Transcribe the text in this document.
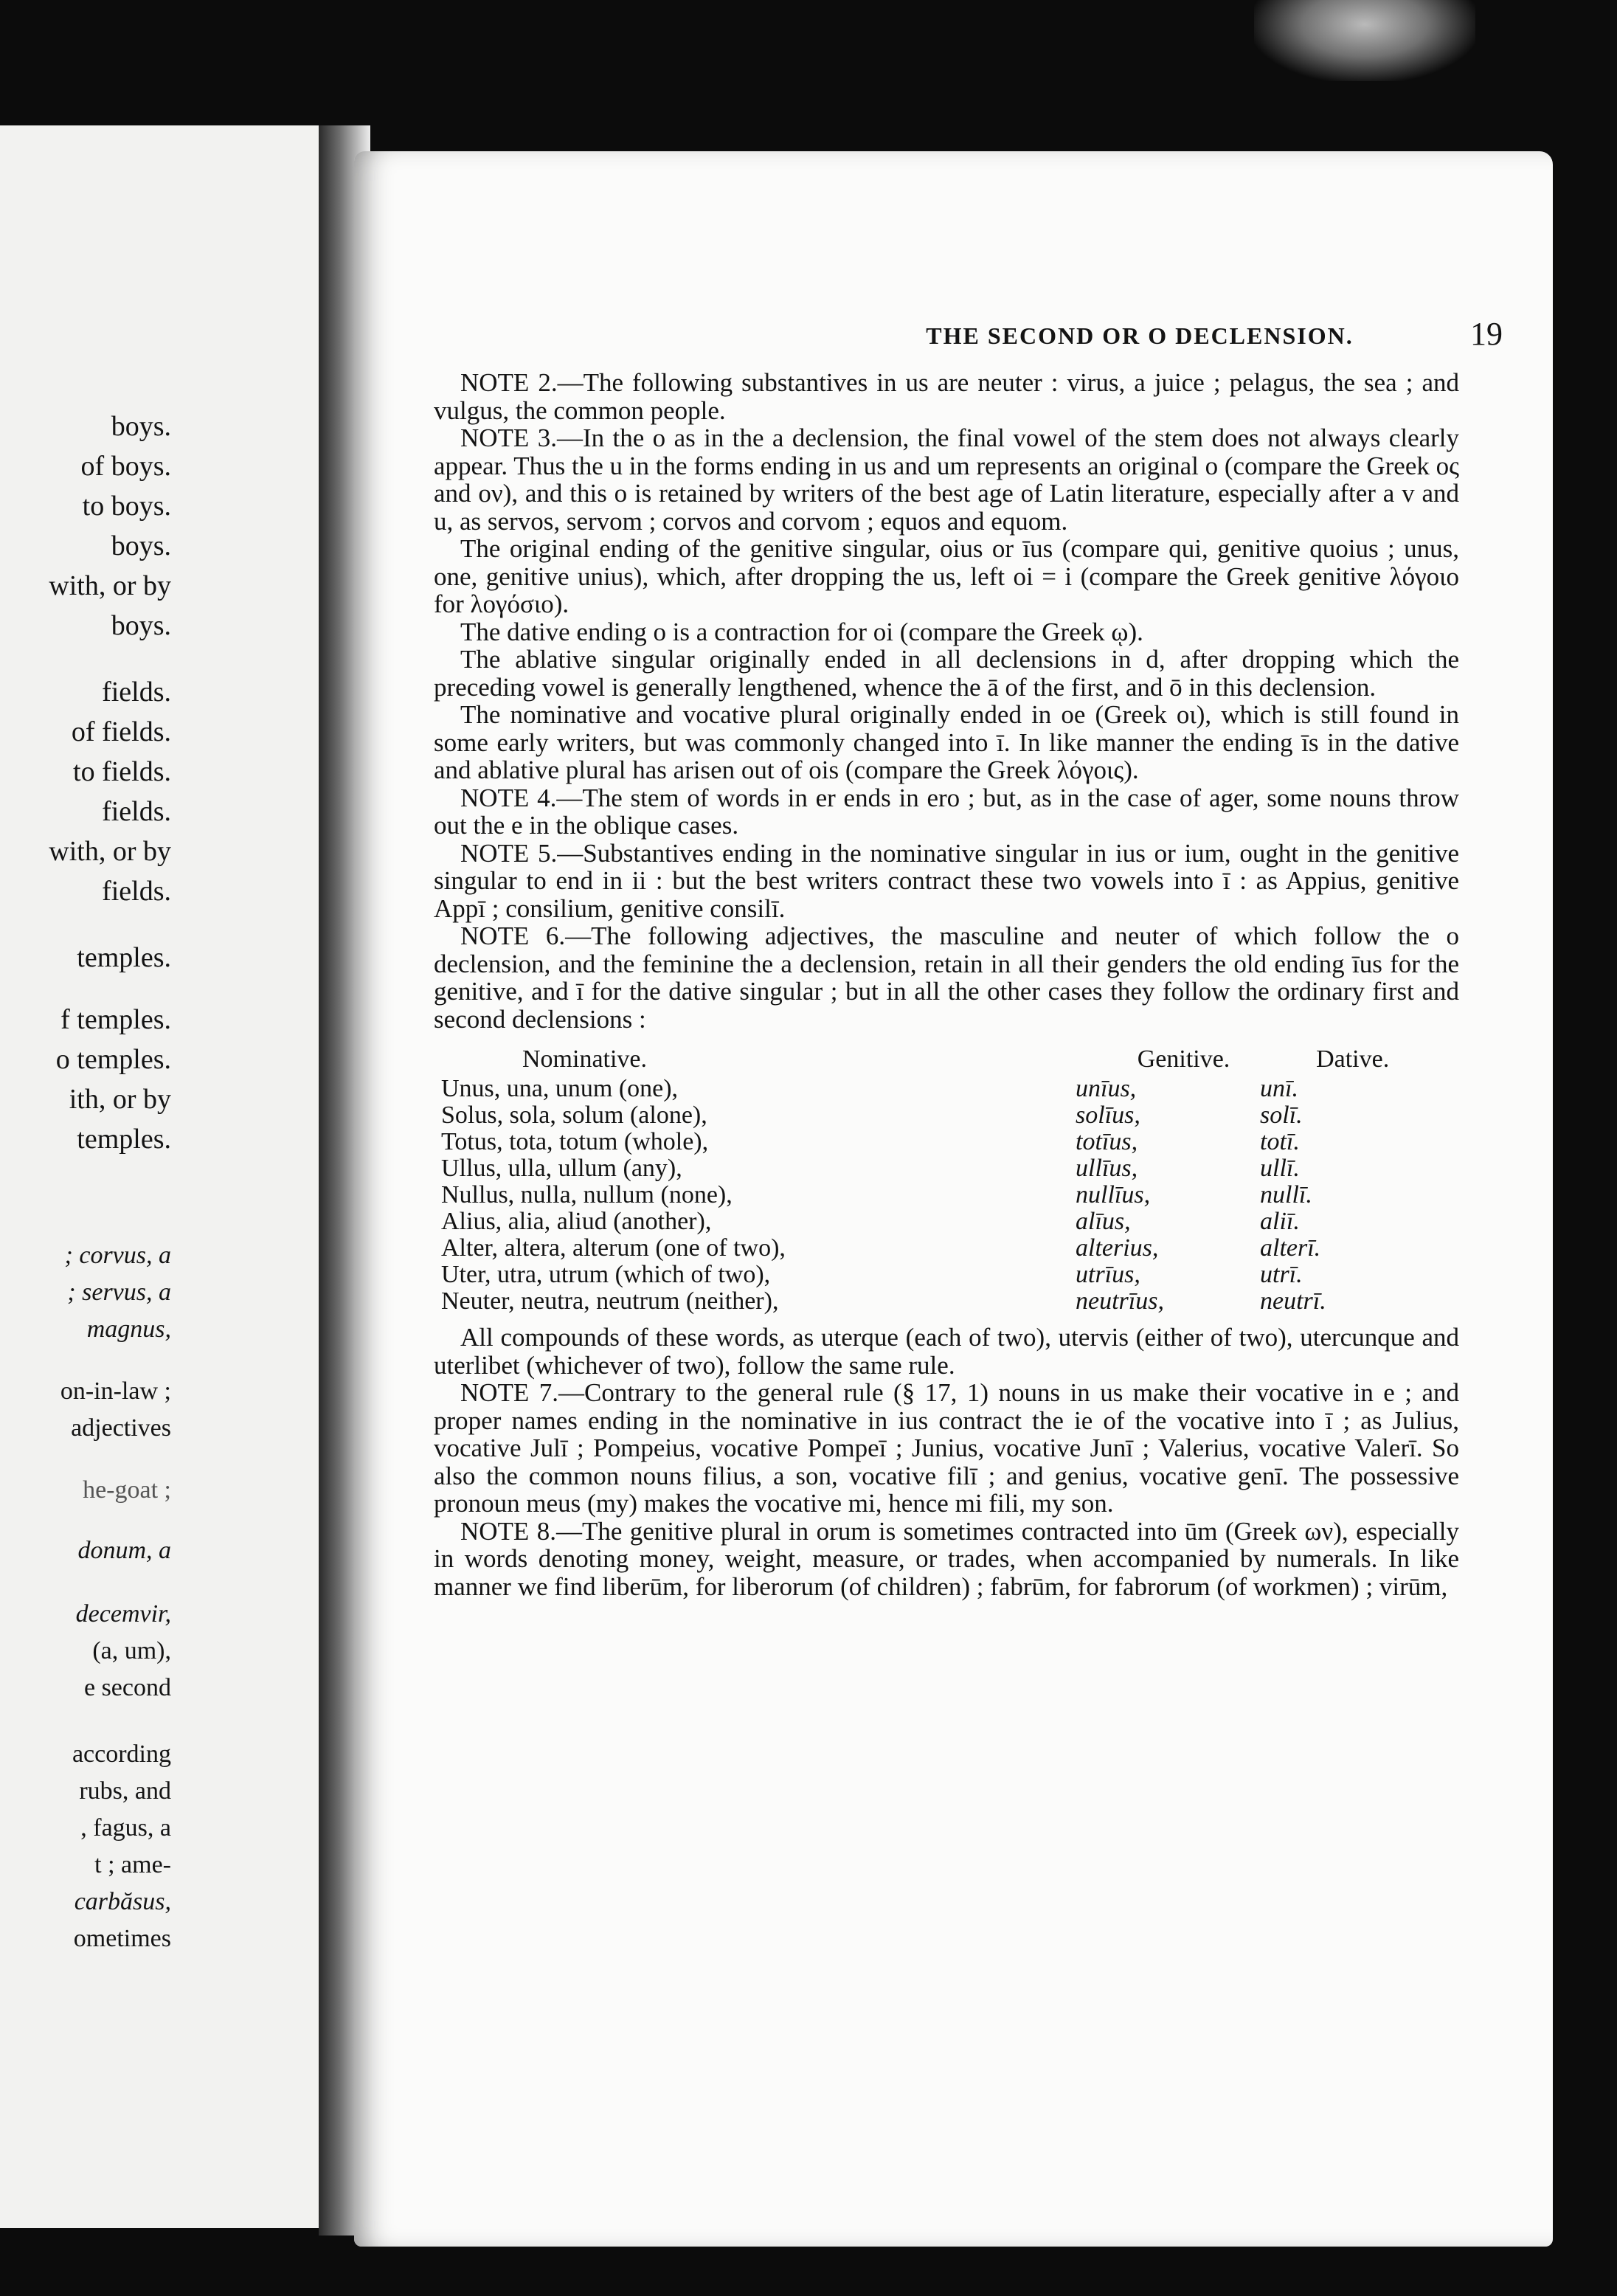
boys.
of boys.
to boys.
boys.
with, or by
boys.
fields.
of fields.
to fields.
fields.
with, or by
fields.
temples.
f temples.
o temples.
ith, or by
temples.
; corvus, a
; servus, a
magnus,
on-in-law ;
adjectives
he-goat ;
donum, a
decemvir,
(a, um),
e second
according
rubs, and
, fagus, a
t ; ame-
carbăsus,
ometimes
THE SECOND OR O DECLENSION.	19

NOTE 2.—The following substantives in us are neuter : virus, a juice ; pelagus, the sea ; and vulgus, the common people.

NOTE 3.—In the o as in the a declension, the final vowel of the stem does not always clearly appear. Thus the u in the forms ending in us and um represents an original o (compare the Greek ος and ον), and this o is retained by writers of the best age of Latin literature, especially after a v and u, as servos, servom ; corvos and corvom ; equos and equom.

The original ending of the genitive singular, oius or īus (compare qui, genitive quoius ; unus, one, genitive unius), which, after dropping the us, left oi = i (compare the Greek genitive λόγοιο for λογόσιο).

The dative ending o is a contraction for oi (compare the Greek ῳ).

The ablative singular originally ended in all declensions in d, after dropping which the preceding vowel is generally lengthened, whence the ā of the first, and ō in this declension.

The nominative and vocative plural originally ended in oe (Greek οι), which is still found in some early writers, but was commonly changed into ī. In like manner the ending īs in the dative and ablative plural has arisen out of ois (compare the Greek λόγοις).

NOTE 4.—The stem of words in er ends in ero ; but, as in the case of ager, some nouns throw out the e in the oblique cases.

NOTE 5.—Substantives ending in the nominative singular in ius or ium, ought in the genitive singular to end in ii : but the best writers contract these two vowels into ī : as Appius, genitive Appī ; consilium, genitive consilī.

NOTE 6.—The following adjectives, the masculine and neuter of which follow the o declension, and the feminine the a declension, retain in all their genders the old ending īus for the genitive, and ī for the dative singular ; but in all the other cases they follow the ordinary first and second declensions :

Nominative.	Genitive.	Dative.
Unus, una, unum (one),	unīus,	unī.
Solus, sola, solum (alone),	solīus,	solī.
Totus, tota, totum (whole),	totīus,	totī.
Ullus, ulla, ullum (any),	ullīus,	ullī.
Nullus, nulla, nullum (none),	nullīus,	nullī.
Alius, alia, aliud (another),	alīus,	aliī.
Alter, altera, alterum (one of two),	alterius,	alterī.
Uter, utra, utrum (which of two),	utrīus,	utrī.
Neuter, neutra, neutrum (neither),	neutrīus,	neutrī.

All compounds of these words, as uterque (each of two), utervis (either of two), utercunque and uterlibet (whichever of two), follow the same rule.

NOTE 7.—Contrary to the general rule (§ 17, 1) nouns in us make their vocative in e ; and proper names ending in the nominative in ius contract the ie of the vocative into ī ; as Julius, vocative Julī ; Pompeius, vocative Pompeī ; Junius, vocative Junī ; Valerius, vocative Valerī. So also the common nouns filius, a son, vocative filī ; and genius, vocative genī. The possessive pronoun meus (my) makes the vocative mi, hence mi fili, my son.

NOTE 8.—The genitive plural in orum is sometimes contracted into ūm (Greek ων), especially in words denoting money, weight, measure, or trades, when accompanied by numerals. In like manner we find liberūm, for liberorum (of children) ; fabrūm, for fabrorum (of workmen) ; virūm,
